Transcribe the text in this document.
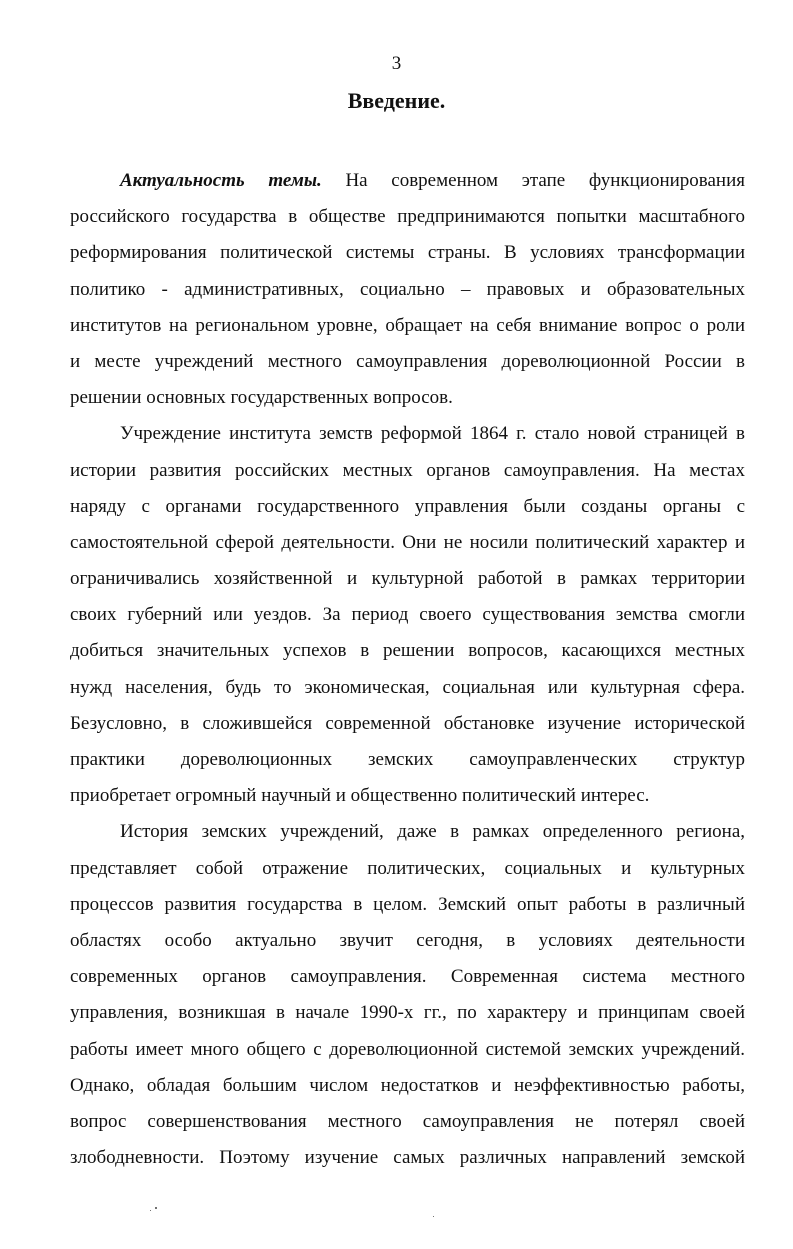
3
Введение.
Актуальность темы. На современном этапе функционирования
российского государства в обществе предпринимаются попытки масштабного
реформирования политической системы страны. В условиях трансформации
политико - административных, социально – правовых и образовательных
институтов на региональном уровне, обращает на себя внимание вопрос о роли
и месте учреждений местного самоуправления дореволюционной России в
решении основных государственных вопросов.
Учреждение института земств реформой 1864 г. стало новой страницей в
истории развития российских местных органов самоуправления. На местах
наряду с органами государственного управления были созданы органы с
самостоятельной сферой деятельности. Они не носили политический характер и
ограничивались хозяйственной и культурной работой в рамках территории
своих губерний или уездов. За период своего существования земства смогли
добиться значительных успехов в решении вопросов, касающихся местных
нужд населения, будь то экономическая, социальная или культурная сфера.
Безусловно, в сложившейся современной обстановке изучение исторической
практики дореволюционных земских самоуправленческих структур
приобретает огромный научный и общественно политический интерес.
История земских учреждений, даже в рамках определенного региона,
представляет собой отражение политических, социальных и культурных
процессов развития государства в целом. Земский опыт работы в различный
областях особо актуально звучит сегодня, в условиях деятельности
современных органов самоуправления. Современная система местного
управления, возникшая в начале 1990-х гг., по характеру и принципам своей
работы имеет много общего с дореволюционной системой земских учреждений.
Однако, обладая большим числом недостатков и неэффективностью работы,
вопрос совершенствования местного самоуправления не потерял своей
злободневности. Поэтому изучение самых различных направлений земской
